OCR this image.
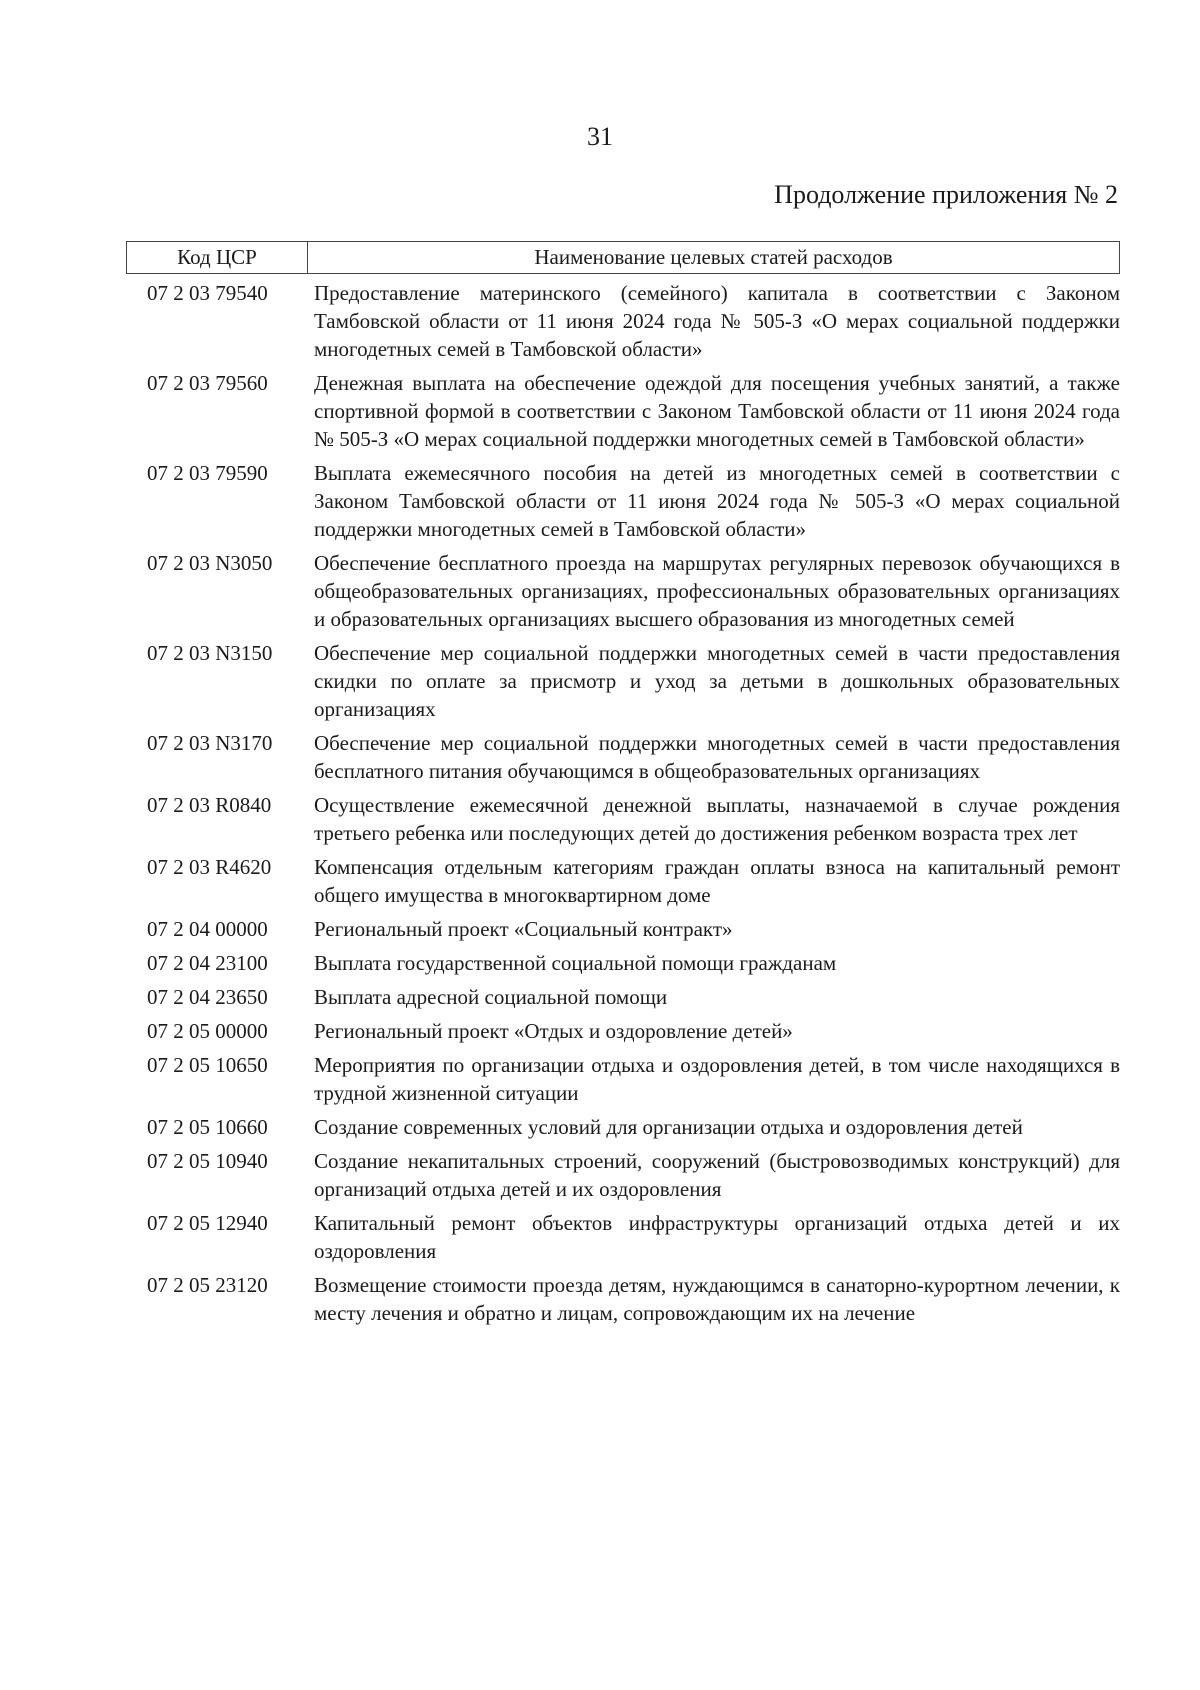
31
Продолжение приложения № 2
Код ЦСР	Наименование целевых статей расходов
07 2 03 79540	Предоставление материнского (семейного) капитала в соответствии с Законом Тамбовской области от 11 июня 2024 года № 505-З «О мерах социальной поддержки многодетных семей в Тамбовской области»
07 2 03 79560	Денежная выплата на обеспечение одеждой для посещения учебных занятий, а также спортивной формой в соответствии с Законом Тамбовской области от 11 июня 2024 года № 505-З «О мерах социальной поддержки многодетных семей в Тамбовской области»
07 2 03 79590	Выплата ежемесячного пособия на детей из многодетных семей в соответствии с Законом Тамбовской области от 11 июня 2024 года № 505-З «О мерах социальной поддержки многодетных семей в Тамбовской области»
07 2 03 N3050	Обеспечение бесплатного проезда на маршрутах регулярных перевозок обучающихся в общеобразовательных организациях, профессиональных образовательных организациях и образовательных организациях высшего образования из многодетных семей
07 2 03 N3150	Обеспечение мер социальной поддержки многодетных семей в части предоставления скидки по оплате за присмотр и уход за детьми в дошкольных образовательных организациях
07 2 03 N3170	Обеспечение мер социальной поддержки многодетных семей в части предоставления бесплатного питания обучающимся в общеобразовательных организациях
07 2 03 R0840	Осуществление ежемесячной денежной выплаты, назначаемой в случае рождения третьего ребенка или последующих детей до достижения ребенком возраста трех лет
07 2 03 R4620	Компенсация отдельным категориям граждан оплаты взноса на капитальный ремонт общего имущества в многоквартирном доме
07 2 04 00000	Региональный проект «Социальный контракт»
07 2 04 23100	Выплата государственной социальной помощи гражданам
07 2 04 23650	Выплата адресной социальной помощи
07 2 05 00000	Региональный проект «Отдых и оздоровление детей»
07 2 05 10650	Мероприятия по организации отдыха и оздоровления детей, в том числе находящихся в трудной жизненной ситуации
07 2 05 10660	Создание современных условий для организации отдыха и оздоровления детей
07 2 05 10940	Создание некапитальных строений, сооружений (быстровозводимых конструкций) для организаций отдыха детей и их оздоровления
07 2 05 12940	Капитальный ремонт объектов инфраструктуры организаций отдыха детей и их оздоровления
07 2 05 23120	Возмещение стоимости проезда детям, нуждающимся в санаторно-курортном лечении, к месту лечения и обратно и лицам, сопровождающим их на лечение
